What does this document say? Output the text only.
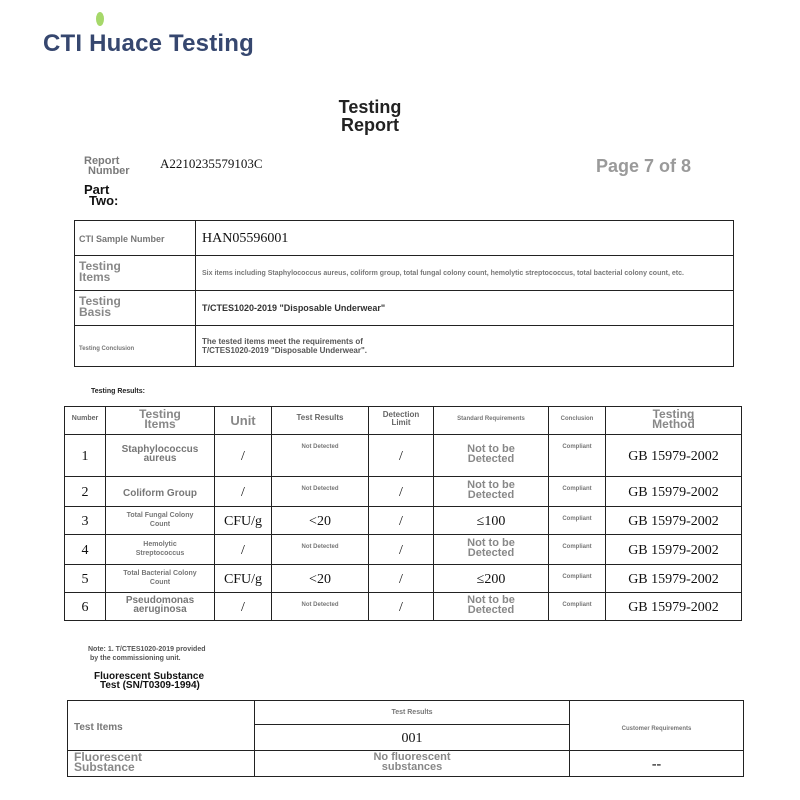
CTI Huace Testing
Testing
Report
Report
Number A2210235579103C	Page 7 of 8
Part
Two:
CTI Sample Number	HAN05596001
Testing Items	Six items including Staphylococcus aureus, coliform group, total fungal colony count, hemolytic streptococcus, total bacterial colony count, etc.

Testing Basis	T/CTES1020-2019 "Disposable Underwear"

Testing Conclusion	The tested items meet the requirements of T/CTES1020-2019 "Disposable Underwear".
Testing Results:
Number	Testing Items	Unit	Test Results	Detection Limit	Standard Requirements	Conclusion	Testing Method
1	Staphylococcus aureus	/	Not Detected	/	Not to be Detected	Compliant	GB 15979-2002
2	Coliform Group	/	Not Detected	/	Not to be Detected	Compliant	GB 15979-2002
3	Total Fungal Colony Count	CFU/g	<20	/	≤100	Compliant	GB 15979-2002
4	Hemolytic Streptococcus	/	Not Detected	/	Not to be Detected	Compliant	GB 15979-2002
5	Total Bacterial Colony Count	CFU/g	<20	/	≤200	Compliant	GB 15979-2002
6	Pseudomonas aeruginosa	/	Not Detected	/	Not to be Detected	Compliant	GB 15979-2002
Note: 1. T/CTES1020-2019 provided
by the commissioning unit.
Fluorescent Substance
Test (SN/T0309-1994)
Test Items	Test Results	Customer Requirements
	001	
Fluorescent Substance	No fluorescent substances	--
